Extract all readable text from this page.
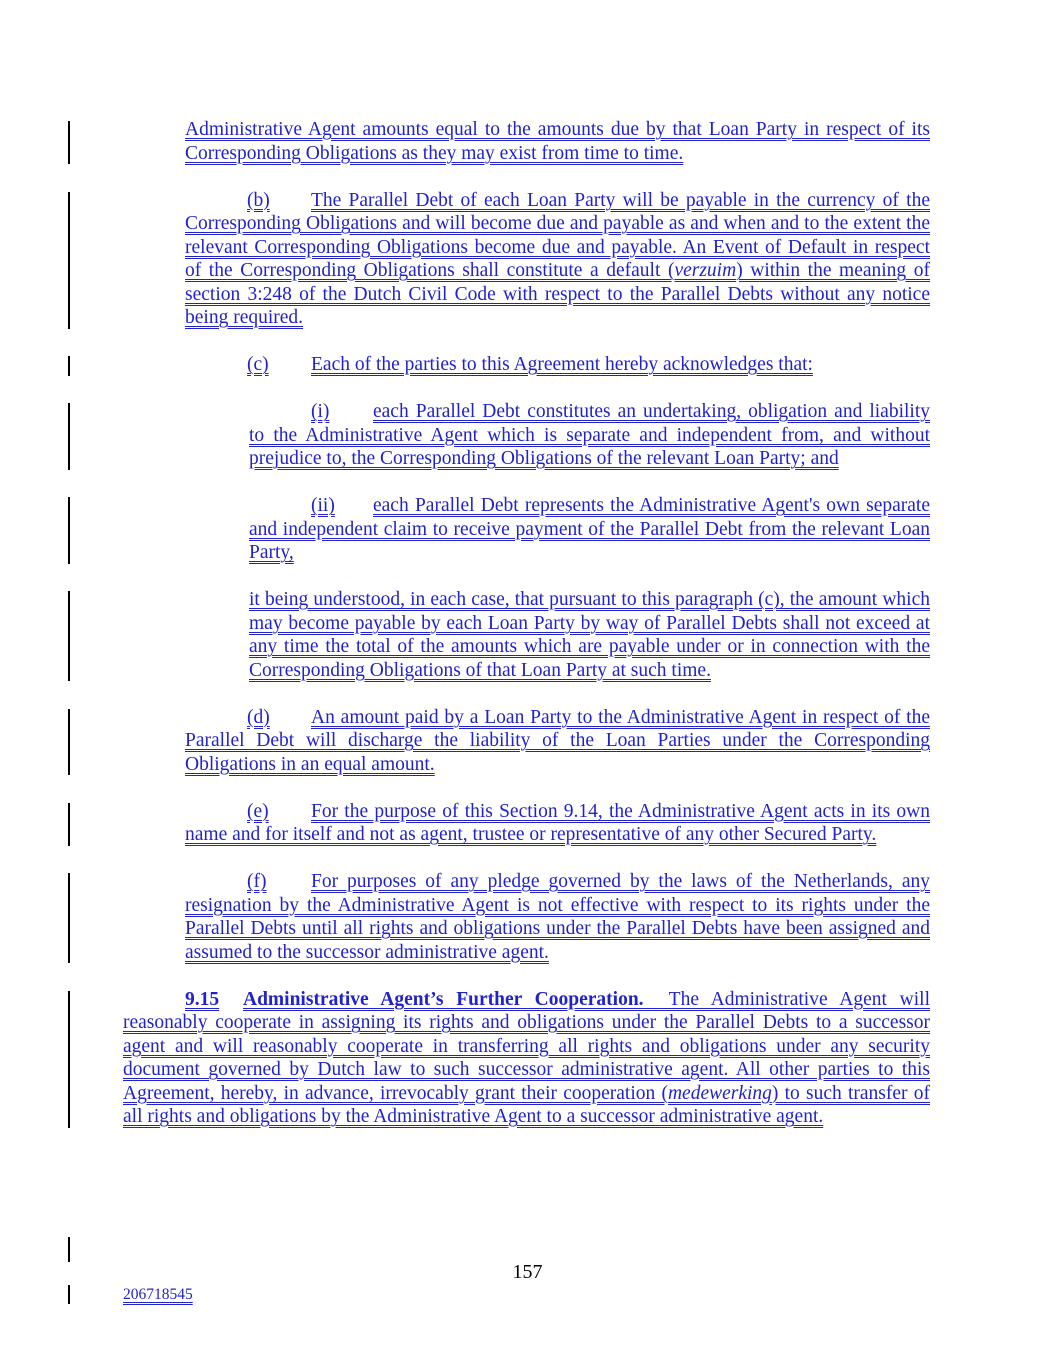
Administrative Agent amounts equal to the amounts due by that Loan Party in respect of its Corresponding Obligations as they may exist from time to time.

(b) The Parallel Debt of each Loan Party will be payable in the currency of the Corresponding Obligations and will become due and payable as and when and to the extent the relevant Corresponding Obligations become due and payable. An Event of Default in respect of the Corresponding Obligations shall constitute a default (verzuim) within the meaning of section 3:248 of the Dutch Civil Code with respect to the Parallel Debts without any notice being required.

(c) Each of the parties to this Agreement hereby acknowledges that:

(i) each Parallel Debt constitutes an undertaking, obligation and liability to the Administrative Agent which is separate and independent from, and without prejudice to, the Corresponding Obligations of the relevant Loan Party; and

(ii) each Parallel Debt represents the Administrative Agent's own separate and independent claim to receive payment of the Parallel Debt from the relevant Loan Party,

it being understood, in each case, that pursuant to this paragraph (c), the amount which may become payable by each Loan Party by way of Parallel Debts shall not exceed at any time the total of the amounts which are payable under or in connection with the Corresponding Obligations of that Loan Party at such time.

(d) An amount paid by a Loan Party to the Administrative Agent in respect of the Parallel Debt will discharge the liability of the Loan Parties under the Corresponding Obligations in an equal amount.

(e) For the purpose of this Section 9.14, the Administrative Agent acts in its own name and for itself and not as agent, trustee or representative of any other Secured Party.

(f) For purposes of any pledge governed by the laws of the Netherlands, any resignation by the Administrative Agent is not effective with respect to its rights under the Parallel Debts until all rights and obligations under the Parallel Debts have been assigned and assumed to the successor administrative agent.

9.15 Administrative Agent’s Further Cooperation.  The Administrative Agent will reasonably cooperate in assigning its rights and obligations under the Parallel Debts to a successor agent and will reasonably cooperate in transferring all rights and obligations under any security document governed by Dutch law to such successor administrative agent. All other parties to this Agreement, hereby, in advance, irrevocably grant their cooperation (medewerking) to such transfer of all rights and obligations by the Administrative Agent to a successor administrative agent.

157
206718545
